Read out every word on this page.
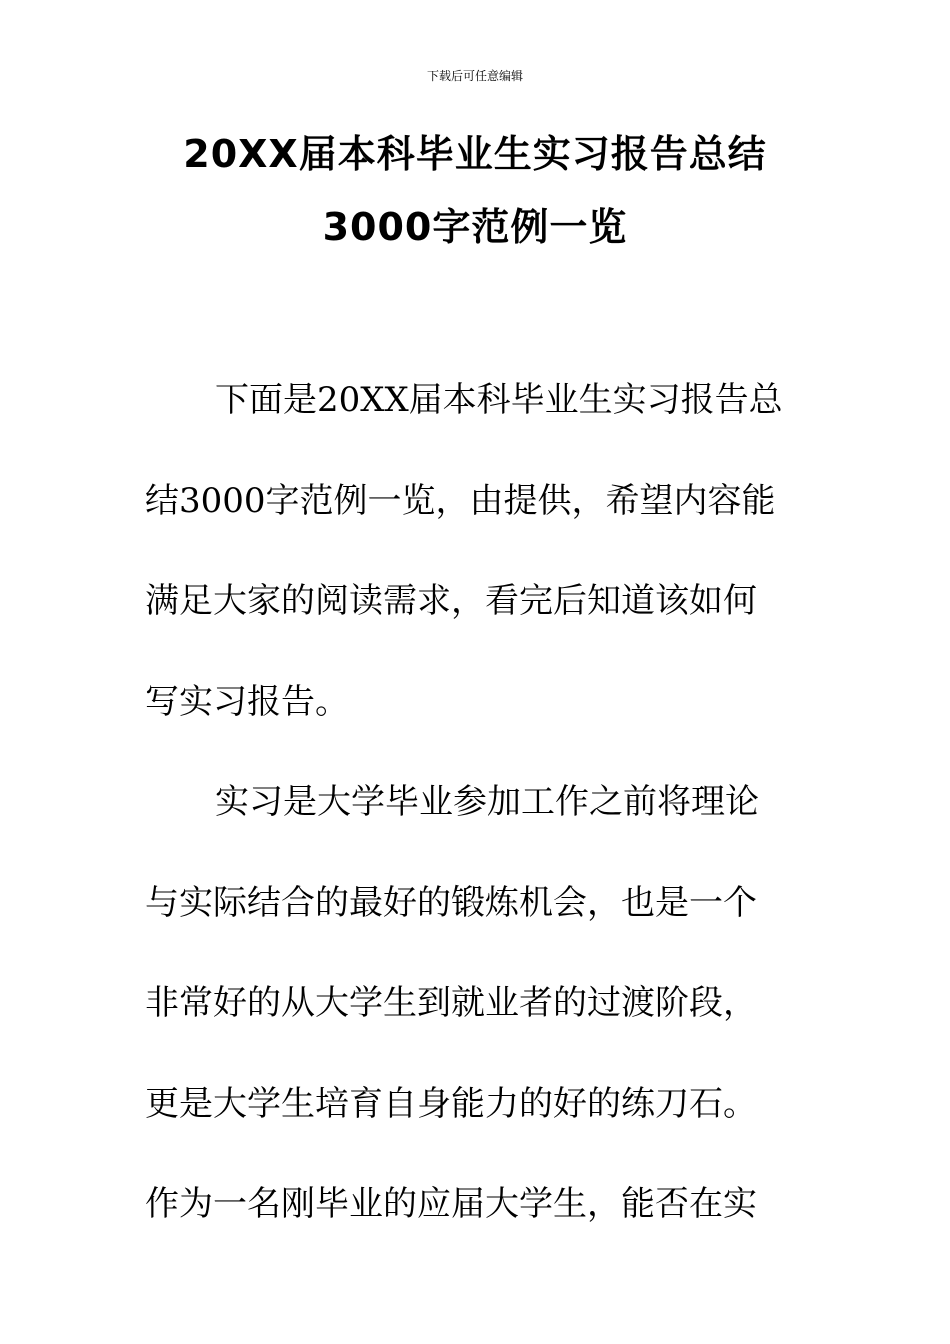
下载后可任意编辑
20XX届本科毕业生实习报告总结
3000字范例一览
下面是20XX届本科毕业生实习报告总
结3000字范例一览，由提供，希望内容能
满足大家的阅读需求，看完后知道该如何
写实习报告。
实习是大学毕业参加工作之前将理论
与实际结合的最好的锻炼机会，也是一个
非常好的从大学生到就业者的过渡阶段，
更是大学生培育自身能力的好的练刀石。
作为一名刚毕业的应届大学生，能否在实
